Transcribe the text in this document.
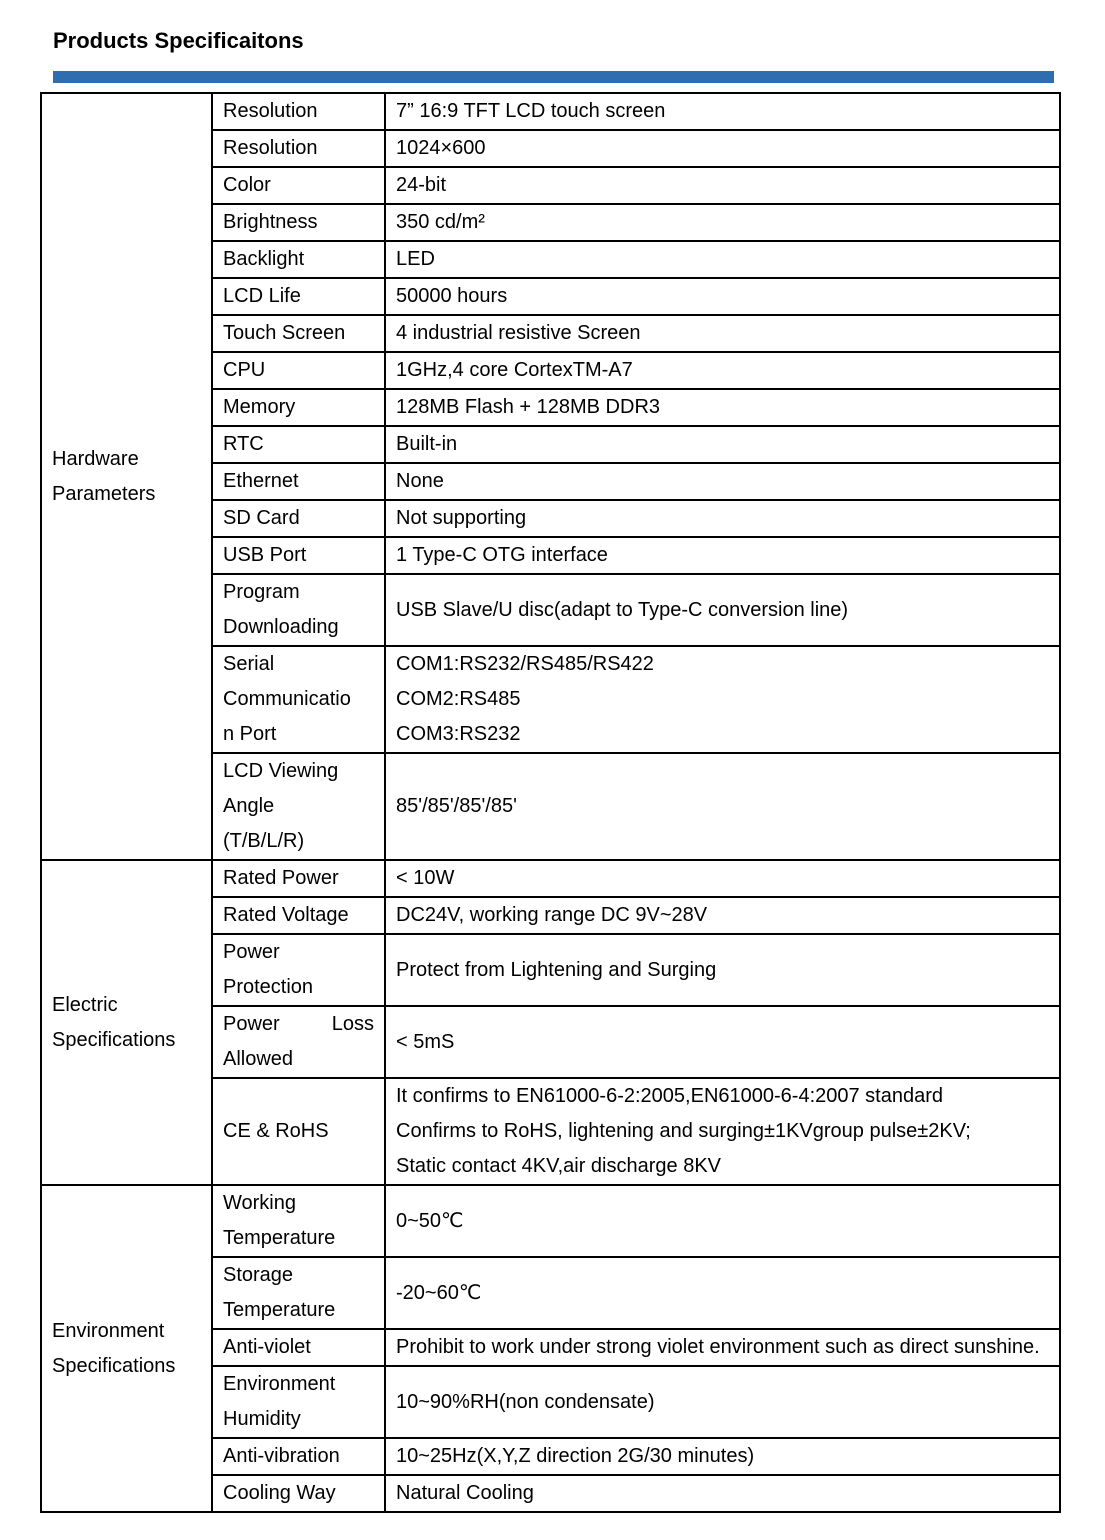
Products Specificaitons
Hardware
Parameters	Resolution	7” 16:9 TFT LCD touch screen

	Resolution	1024×600

	Color	24-bit

	Brightness	350 cd/m²

	Backlight	LED

	LCD Life	50000 hours

	Touch Screen	4 industrial resistive Screen

	CPU	1GHz,4 core CortexTM-A7

	Memory	128MB Flash + 128MB DDR3

	RTC	Built-in

	Ethernet	None

	SD Card	Not supporting

	USB Port	1 Type-C OTG interface

	Program
Downloading	USB Slave/U disc(adapt to Type-C conversion line)

	Serial
Communicatio
n Port	COM1:RS232/RS485/RS422
COM2:RS485
COM3:RS232

	LCD Viewing
Angle
(T/B/L/R)	85'/85'/85'/85'

Electric
Specifications	Rated Power	< 10W

	Rated Voltage	DC24V, working range DC 9V~28V

	Power
Protection	Protect from Lightening and Surging

	Power Loss
Allowed	< 5mS

	CE & RoHS	It confirms to EN61000-6-2:2005,EN61000-6-4:2007 standard
Confirms to RoHS, lightening and surging±1KVgroup pulse±2KV;
Static contact 4KV,air discharge 8KV

Environment
Specifications	Working
Temperature	0~50℃

	Storage
Temperature	-20~60℃

	Anti-violet	Prohibit to work under strong violet environment such as direct sunshine.

	Environment
Humidity	10~90%RH(non condensate)

	Anti-vibration	10~25Hz(X,Y,Z direction 2G/30 minutes)

	Cooling Way	Natural Cooling
